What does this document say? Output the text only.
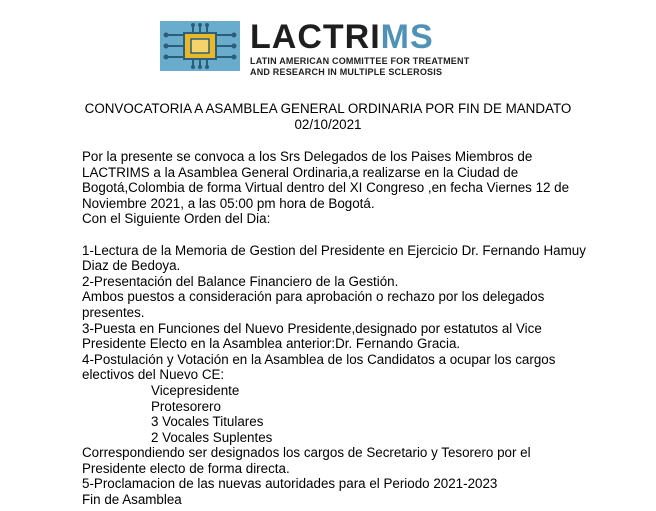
LACTRIMS
LATIN AMERICAN COMMITTEE FOR TREATMENT
AND RESEARCH IN MULTIPLE SCLEROSIS
CONVOCATORIA A ASAMBLEA GENERAL ORDINARIA POR FIN DE MANDATO
02/10/2021
Por la presente se convoca a los Srs Delegados de los Paises Miembros de
LACTRIMS a la Asamblea General Ordinaria,a realizarse en la Ciudad de
Bogotá,Colombia de forma Virtual dentro del XI Congreso ,en fecha Viernes 12 de
Noviembre 2021, a las 05:00 pm hora de Bogotá.
Con el Siguiente Orden del Dia:
1-Lectura de la Memoria de Gestion del Presidente en Ejercicio Dr. Fernando Hamuy
Diaz de Bedoya.
2-Presentación del Balance Financiero de la Gestión.
Ambos puestos a consideración para aprobación o rechazo por los delegados
presentes.
3-Puesta en Funciones del Nuevo Presidente,designado por estatutos al Vice
Presidente Electo en la Asamblea anterior:Dr. Fernando Gracia.
4-Postulación y Votación en la Asamblea de los Candidatos a ocupar los cargos
electivos del Nuevo CE:
Vicepresidente
Protesorero
3 Vocales Titulares
2 Vocales Suplentes
Correspondiendo ser designados los cargos de Secretario y Tesorero por el
Presidente electo de forma directa.
5-Proclamacion de las nuevas autoridades para el Periodo 2021-2023
Fin de Asamblea
